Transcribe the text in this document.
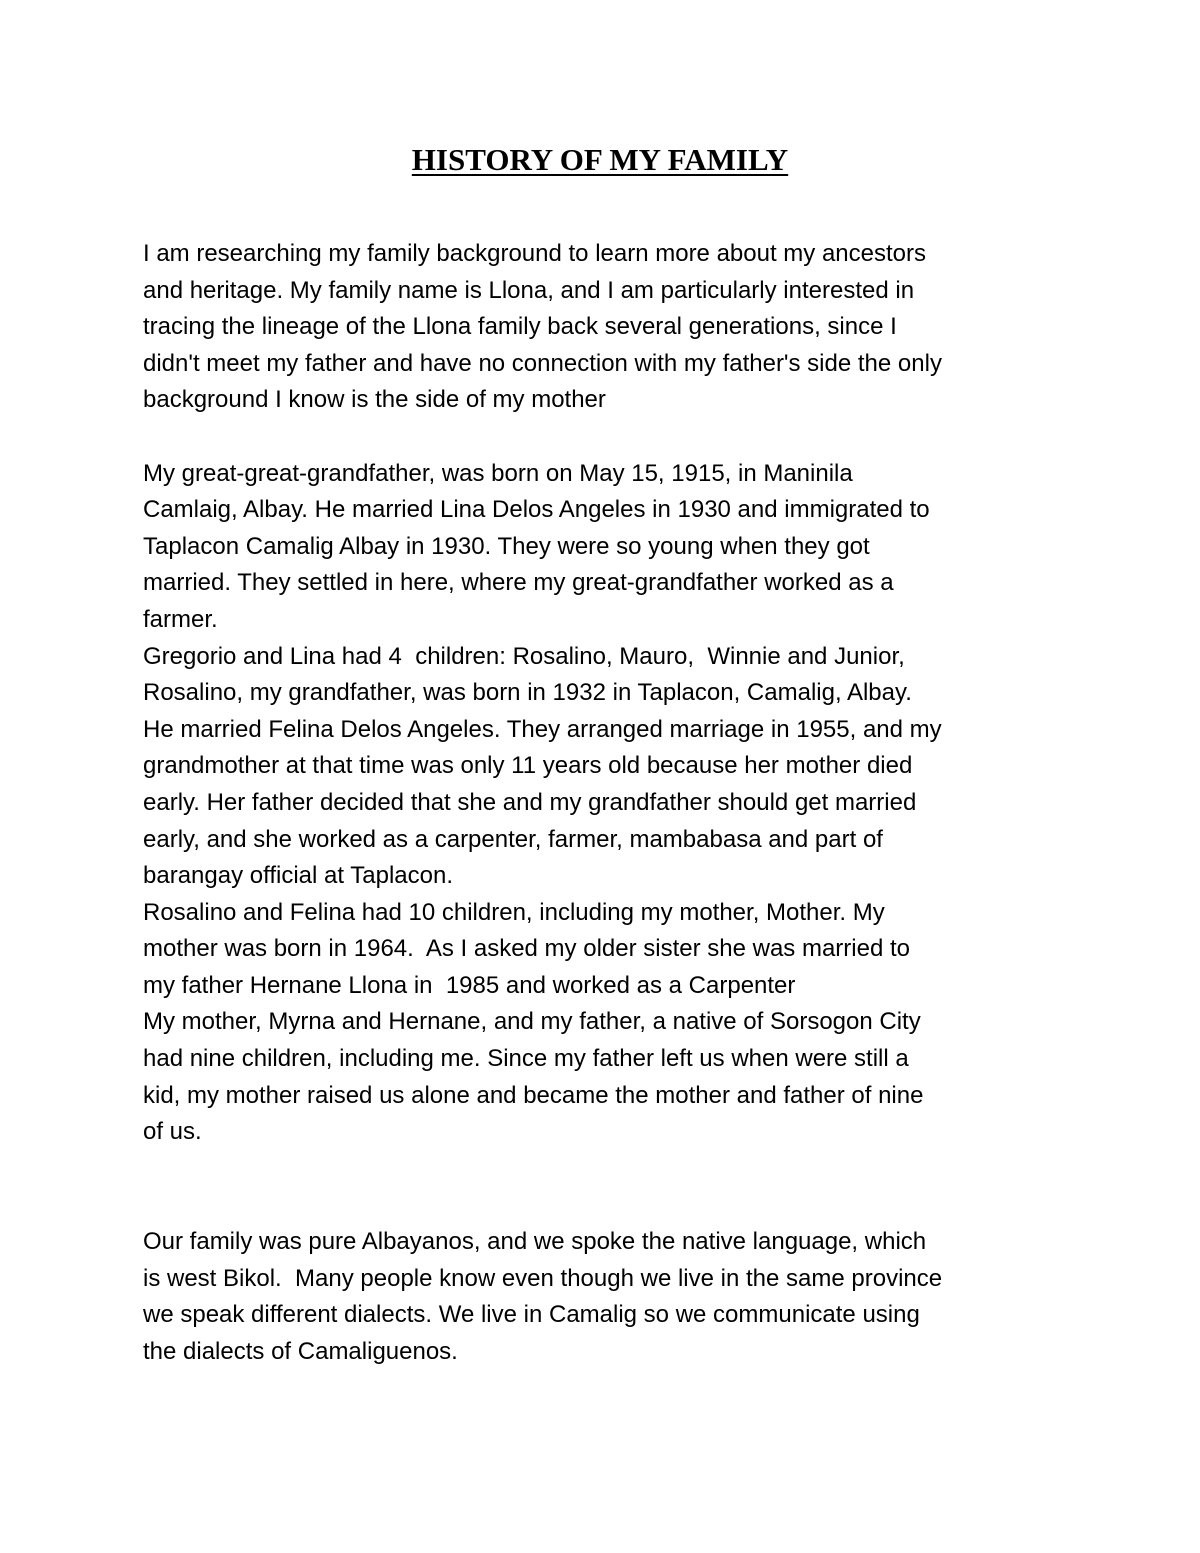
HISTORY OF MY FAMILY
I am researching my family background to learn more about my ancestors
and heritage. My family name is Llona, and I am particularly interested in
tracing the lineage of the Llona family back several generations, since I
didn't meet my father and have no connection with my father's side the only
background I know is the side of my mother
My great-great-grandfather, was born on May 15, 1915, in Maninila
Camlaig, Albay. He married Lina Delos Angeles in 1930 and immigrated to
Taplacon Camalig Albay in 1930. They were so young when they got
married. They settled in here, where my great-grandfather worked as a
farmer.
Gregorio and Lina had 4  children: Rosalino, Mauro,  Winnie and Junior,
Rosalino, my grandfather, was born in 1932 in Taplacon, Camalig, Albay.
He married Felina Delos Angeles. They arranged marriage in 1955, and my
grandmother at that time was only 11 years old because her mother died
early. Her father decided that she and my grandfather should get married
early, and she worked as a carpenter, farmer, mambabasa and part of
barangay official at Taplacon.
Rosalino and Felina had 10 children, including my mother, Mother. My
mother was born in 1964.  As I asked my older sister she was married to
my father Hernane Llona in  1985 and worked as a Carpenter
My mother, Myrna and Hernane, and my father, a native of Sorsogon City
had nine children, including me. Since my father left us when were still a
kid, my mother raised us alone and became the mother and father of nine
of us.
Our family was pure Albayanos, and we spoke the native language, which
is west Bikol.  Many people know even though we live in the same province
we speak different dialects. We live in Camalig so we communicate using
the dialects of Camaliguenos.
